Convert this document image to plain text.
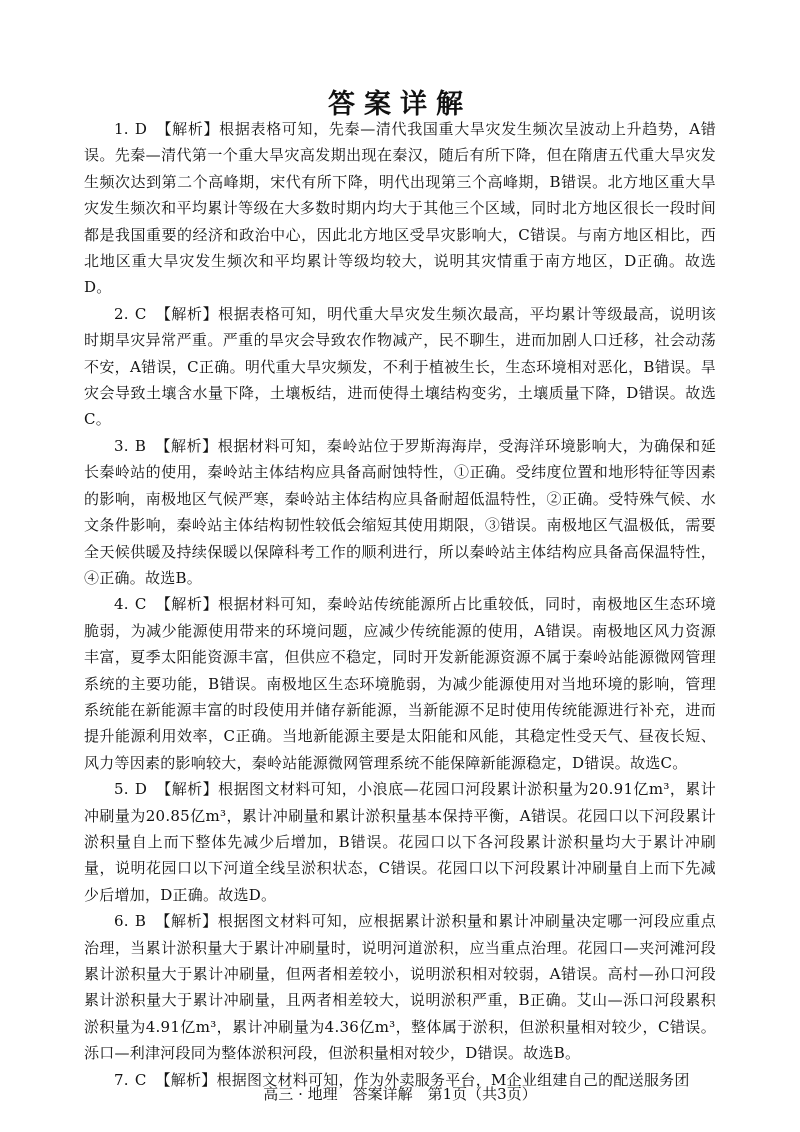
答案详解

1. D 【解析】根据表格可知，先秦—清代我国重大旱灾发生频次呈波动上升趋势，A错误。先秦—清代第一个重大旱灾高发期出现在秦汉，随后有所下降，但在隋唐五代重大旱灾发生频次达到第二个高峰期，宋代有所下降，明代出现第三个高峰期，B错误。北方地区重大旱灾发生频次和平均累计等级在大多数时期内均大于其他三个区域，同时北方地区很长一段时间都是我国重要的经济和政治中心，因此北方地区受旱灾影响大，C错误。与南方地区相比，西北地区重大旱灾发生频次和平均累计等级均较大，说明其灾情重于南方地区，D正确。故选D。

2. C 【解析】根据表格可知，明代重大旱灾发生频次最高，平均累计等级最高，说明该时期旱灾异常严重。严重的旱灾会导致农作物减产，民不聊生，进而加剧人口迁移，社会动荡不安，A错误，C正确。明代重大旱灾频发，不利于植被生长，生态环境相对恶化，B错误。旱灾会导致土壤含水量下降，土壤板结，进而使得土壤结构变劣，土壤质量下降，D错误。故选C。

3. B 【解析】根据材料可知，秦岭站位于罗斯海海岸，受海洋环境影响大，为确保和延长秦岭站的使用，秦岭站主体结构应具备高耐蚀特性，①正确。受纬度位置和地形特征等因素的影响，南极地区气候严寒，秦岭站主体结构应具备耐超低温特性，②正确。受特殊气候、水文条件影响，秦岭站主体结构韧性较低会缩短其使用期限，③错误。南极地区气温极低，需要全天候供暖及持续保暖以保障科考工作的顺利进行，所以秦岭站主体结构应具备高保温特性，④正确。故选B。

4. C 【解析】根据材料可知，秦岭站传统能源所占比重较低，同时，南极地区生态环境脆弱，为减少能源使用带来的环境问题，应减少传统能源的使用，A错误。南极地区风力资源丰富，夏季太阳能资源丰富，但供应不稳定，同时开发新能源资源不属于秦岭站能源微网管理系统的主要功能，B错误。南极地区生态环境脆弱，为减少能源使用对当地环境的影响，管理系统能在新能源丰富的时段使用并储存新能源，当新能源不足时使用传统能源进行补充，进而提升能源利用效率，C正确。当地新能源主要是太阳能和风能，其稳定性受天气、昼夜长短、风力等因素的影响较大，秦岭站能源微网管理系统不能保障新能源稳定，D错误。故选C。

5. D 【解析】根据图文材料可知，小浪底—花园口河段累计淤积量为20.91亿m³，累计冲刷量为20.85亿m³，累计冲刷量和累计淤积量基本保持平衡，A错误。花园口以下河段累计淤积量自上而下整体先减少后增加，B错误。花园口以下各河段累计淤积量均大于累计冲刷量，说明花园口以下河道全线呈淤积状态，C错误。花园口以下河段累计冲刷量自上而下先减少后增加，D正确。故选D。

6. B 【解析】根据图文材料可知，应根据累计淤积量和累计冲刷量决定哪一河段应重点治理，当累计淤积量大于累计冲刷量时，说明河道淤积，应当重点治理。花园口—夹河滩河段累计淤积量大于累计冲刷量，但两者相差较小，说明淤积相对较弱，A错误。高村—孙口河段累计淤积量大于累计冲刷量，且两者相差较大，说明淤积严重，B正确。艾山—泺口河段累积淤积量为4.91亿m³，累计冲刷量为4.36亿m³，整体属于淤积，但淤积量相对较少，C错误。泺口—利津河段同为整体淤积河段，但淤积量相对较少，D错误。故选B。

7. C 【解析】根据图文材料可知，作为外卖服务平台，M企业组建自己的配送服务团

高三 · 地理　答案详解　第1页（共3页）
